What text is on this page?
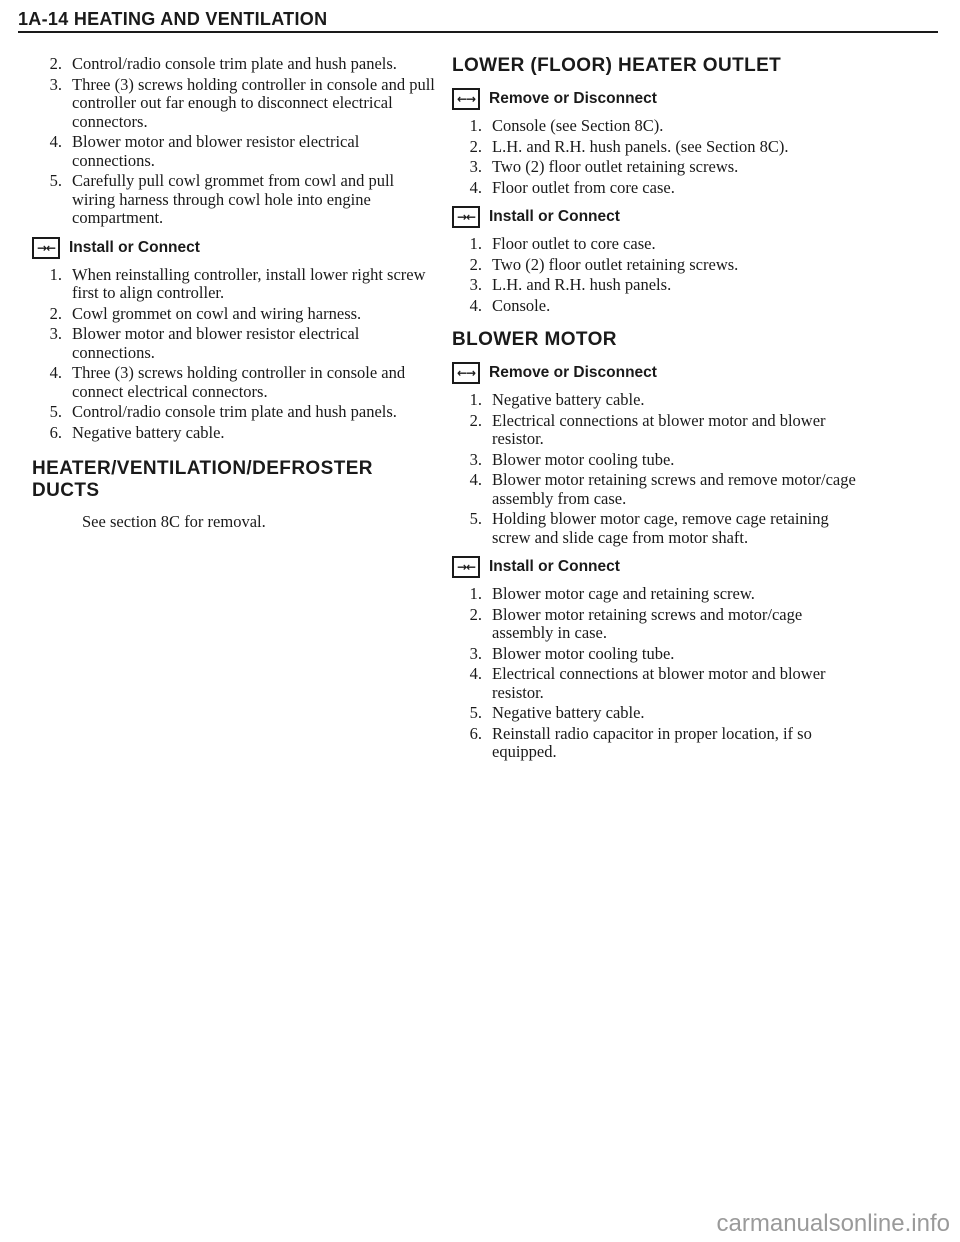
1A-14 HEATING AND VENTILATION
2. Control/radio console trim plate and hush panels.
3. Three (3) screws holding controller in console and pull controller out far enough to disconnect electrical connectors.
4. Blower motor and blower resistor electrical connections.
5. Carefully pull cowl grommet from cowl and pull wiring harness through cowl hole into engine compartment.
→← Install or Connect
1. When reinstalling controller, install lower right screw first to align controller.
2. Cowl grommet on cowl and wiring harness.
3. Blower motor and blower resistor electrical connections.
4. Three (3) screws holding controller in console and connect electrical connectors.
5. Control/radio console trim plate and hush panels.
6. Negative battery cable.
HEATER/VENTILATION/DEFROSTER DUCTS
See section 8C for removal.
LOWER (FLOOR) HEATER OUTLET
←→ Remove or Disconnect
1. Console (see Section 8C).
2. L.H. and R.H. hush panels. (see Section 8C).
3. Two (2) floor outlet retaining screws.
4. Floor outlet from core case.
→← Install or Connect
1. Floor outlet to core case.
2. Two (2) floor outlet retaining screws.
3. L.H. and R.H. hush panels.
4. Console.
BLOWER MOTOR
←→ Remove or Disconnect
1. Negative battery cable.
2. Electrical connections at blower motor and blower resistor.
3. Blower motor cooling tube.
4. Blower motor retaining screws and remove motor/cage assembly from case.
5. Holding blower motor cage, remove cage retaining screw and slide cage from motor shaft.
→← Install or Connect
1. Blower motor cage and retaining screw.
2. Blower motor retaining screws and motor/cage assembly in case.
3. Blower motor cooling tube.
4. Electrical connections at blower motor and blower resistor.
5. Negative battery cable.
6. Reinstall radio capacitor in proper location, if so equipped.
carmanualsonline.info
